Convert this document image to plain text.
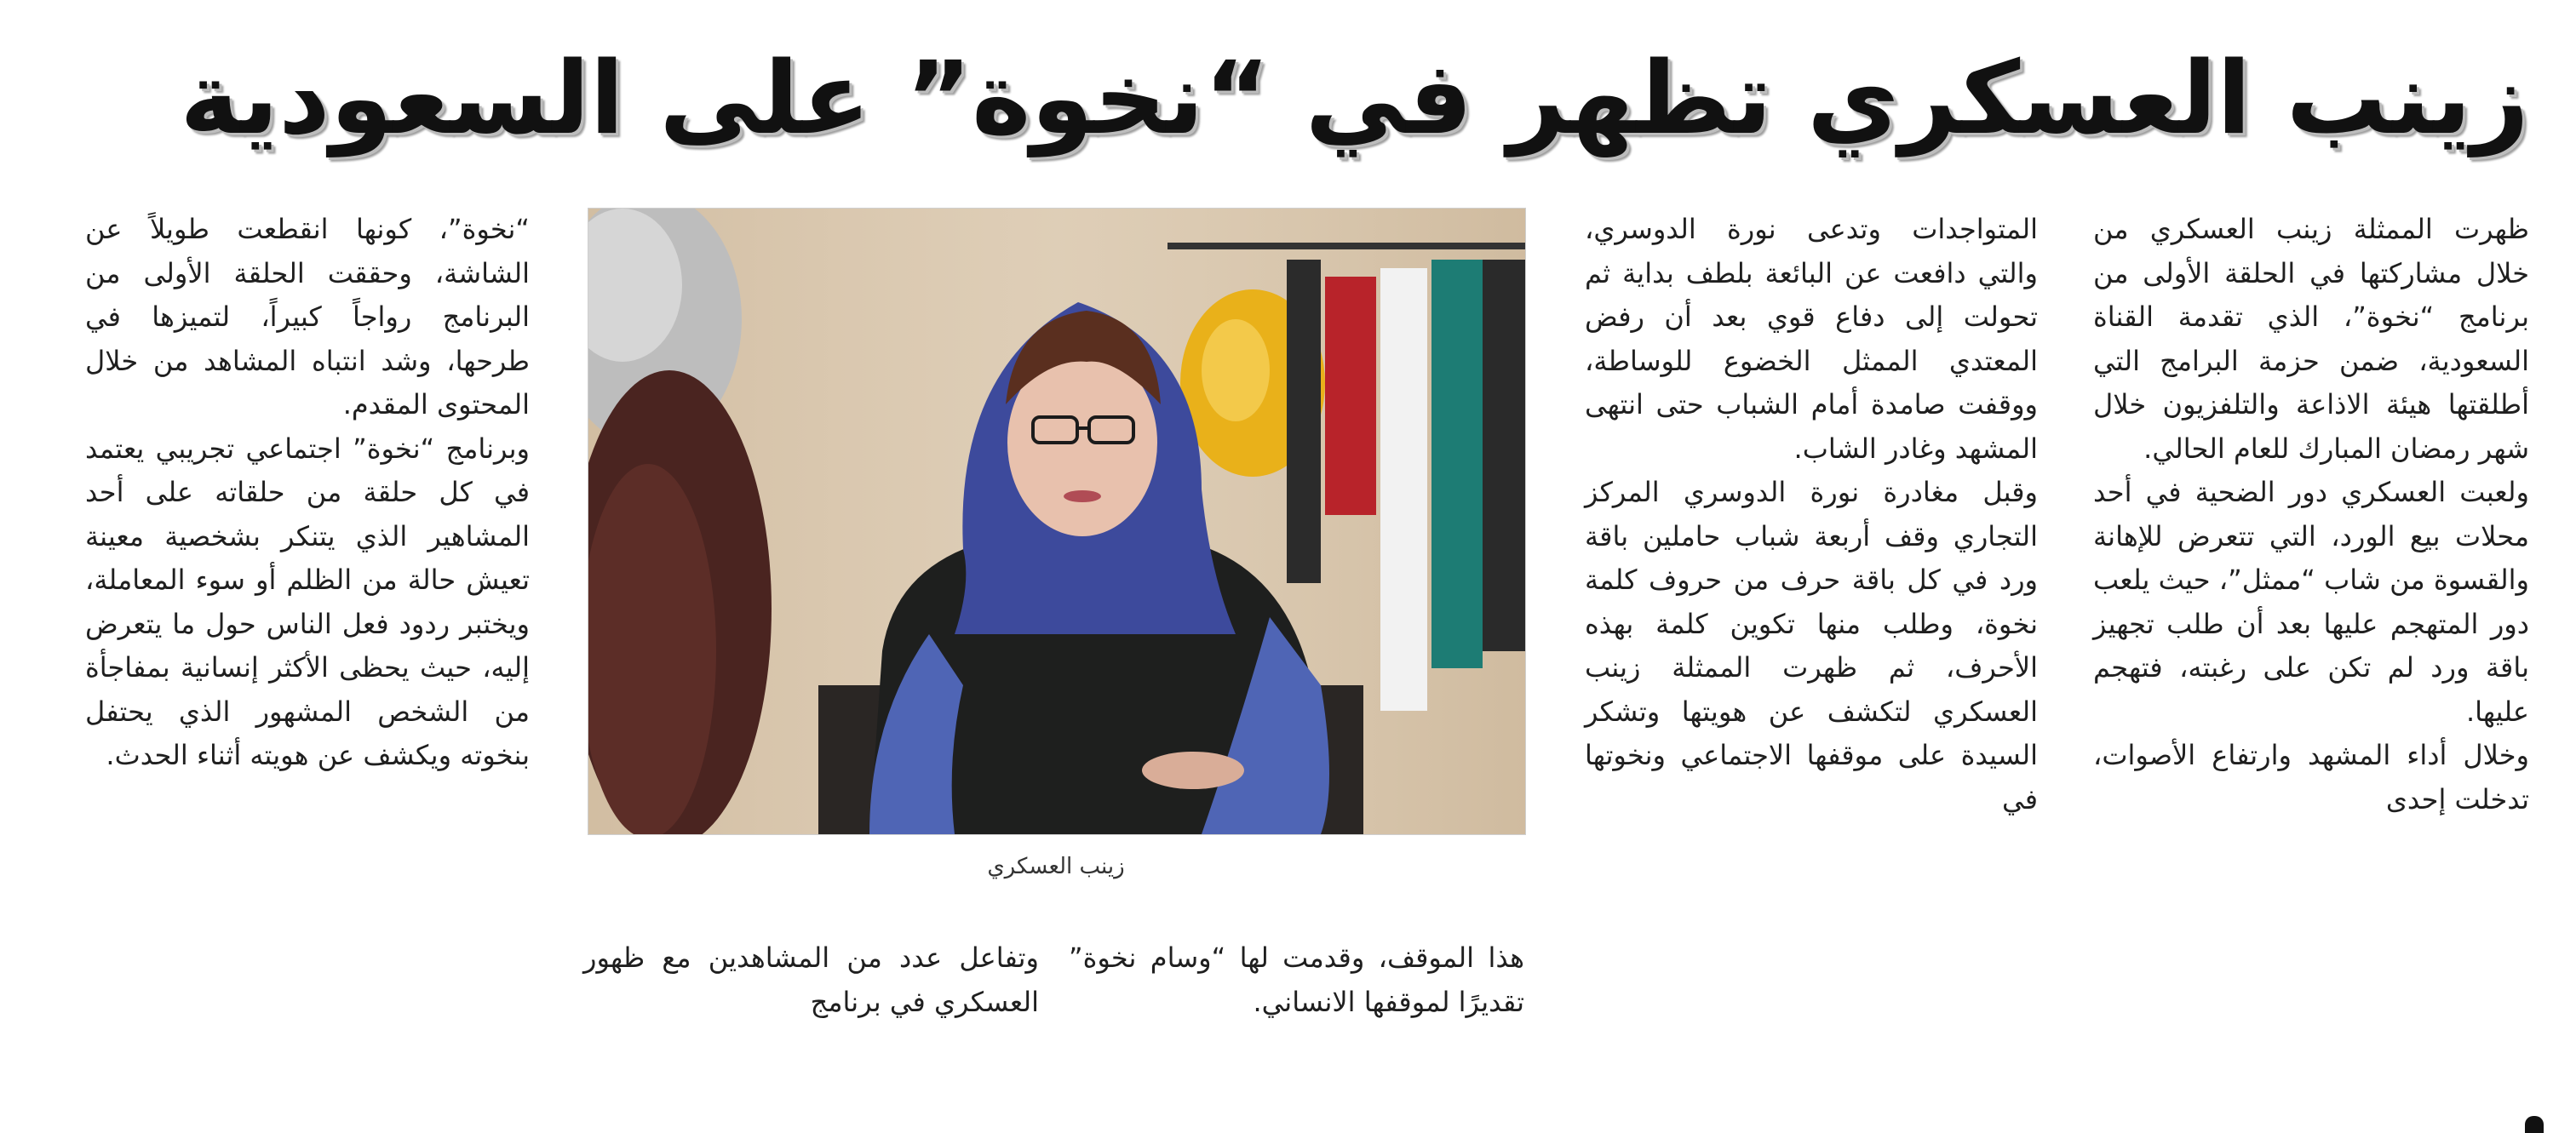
زينب العسكري تظهر في “نخوة” على السعودية

ظهرت الممثلة زينب العسكري من خلال مشاركتها في الحلقة الأولى من برنامج “نخوة”، الذي تقدمة القناة السعودية، ضمن حزمة البرامج التي أطلقتها هيئة الاذاعة والتلفزيون خلال شهر رمضان المبارك للعام الحالي.

ولعبت العسكري دور الضحية في أحد محلات بيع الورد، التي تتعرض للإهانة والقسوة من شاب “ممثل”، حيث يلعب دور المتهجم عليها بعد أن طلب تجهيز باقة ورد لم تكن على رغبته، فتهجم عليها.

وخلال أداء المشهد وارتفاع الأصوات، تدخلت إحدى

المتواجدات وتدعى نورة الدوسري، والتي دافعت عن البائعة بلطف بداية ثم تحولت إلى دفاع قوي بعد أن رفض المعتدي الممثل الخضوع للوساطة، ووقفت صامدة أمام الشباب حتى انتهى المشهد وغادر الشاب.

وقبل مغادرة نورة الدوسري المركز التجاري وقف أربعة شباب حاملين باقة ورد في كل باقة حرف من حروف كلمة نخوة، وطلب منها تكوين كلمة بهذه الأحرف، ثم ظهرت الممثلة زينب العسكري لتكشف عن هويتها وتشكر السيدة على موقفها الاجتماعي ونخوتها في

زينب العسكري

هذا الموقف، وقدمت لها “وسام نخوة” تقديرًا لموقفها الانساني.

وتفاعل عدد من المشاهدين مع ظهور العسكري في برنامج

“نخوة”، كونها انقطعت طويلاً عن الشاشة، وحققت الحلقة الأولى من البرنامج رواجاً كبيراً، لتميزها في طرحها، وشد انتباه المشاهد من خلال المحتوى المقدم.

وبرنامج “نخوة” اجتماعي تجريبي يعتمد في كل حلقة من حلقاته على أحد المشاهير الذي يتنكر بشخصية معينة تعيش حالة من الظلم أو سوء المعاملة، ويختبر ردود فعل الناس حول ما يتعرض إليه، حيث يحظى الأكثر إنسانية بمفاجأة من الشخص المشهور الذي يحتفل بنخوته ويكشف عن هويته أثناء الحدث.
